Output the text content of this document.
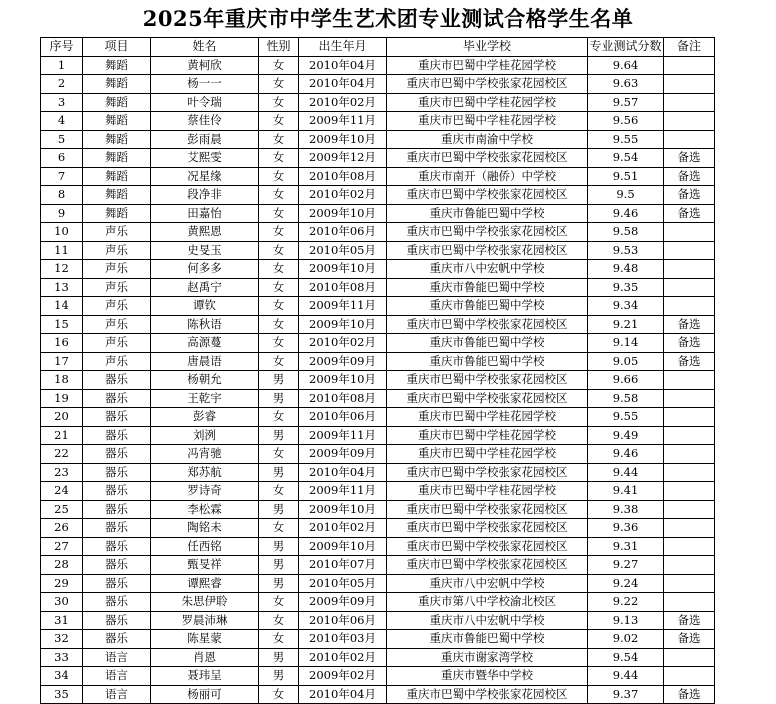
2025年重庆市中学生艺术团专业测试合格学生名单
序号	项目	姓名	性别	出生年月	毕业学校	专业测试分数	备注
1	舞蹈	黄柯欣	女	2010年04月	重庆市巴蜀中学桂花园学校	9.64	
2	舞蹈	杨一一	女	2010年04月	重庆市巴蜀中学校张家花园校区	9.63	
3	舞蹈	叶令瑞	女	2010年02月	重庆市巴蜀中学桂花园学校	9.57	
4	舞蹈	蔡佳伶	女	2009年11月	重庆市巴蜀中学桂花园学校	9.56	
5	舞蹈	彭雨晨	女	2009年10月	重庆市南渝中学校	9.55	
6	舞蹈	艾熙雯	女	2009年12月	重庆市巴蜀中学校张家花园校区	9.54	备选
7	舞蹈	况星缘	女	2010年08月	重庆市南开（融侨）中学校	9.51	备选
8	舞蹈	段净非	女	2010年02月	重庆市巴蜀中学校张家花园校区	9.5	备选
9	舞蹈	田嘉怡	女	2009年10月	重庆市鲁能巴蜀中学校	9.46	备选
10	声乐	黄熙恩	女	2010年06月	重庆市巴蜀中学校张家花园校区	9.58	
11	声乐	史旻玉	女	2010年05月	重庆市巴蜀中学校张家花园校区	9.53	
12	声乐	何多多	女	2009年10月	重庆市八中宏帆中学校	9.48	
13	声乐	赵禹宁	女	2010年08月	重庆市鲁能巴蜀中学校	9.35	
14	声乐	谭钦	女	2009年11月	重庆市鲁能巴蜀中学校	9.34	
15	声乐	陈秋语	女	2009年10月	重庆市巴蜀中学校张家花园校区	9.21	备选
16	声乐	高源蔓	女	2010年02月	重庆市鲁能巴蜀中学校	9.14	备选
17	声乐	唐晨语	女	2009年09月	重庆市鲁能巴蜀中学校	9.05	备选
18	器乐	杨朝允	男	2009年10月	重庆市巴蜀中学校张家花园校区	9.66	
19	器乐	王乾宇	男	2010年08月	重庆市巴蜀中学校张家花园校区	9.58	
20	器乐	彭睿	女	2010年06月	重庆市巴蜀中学桂花园学校	9.55	
21	器乐	刘洌	男	2009年11月	重庆市巴蜀中学桂花园学校	9.49	
22	器乐	冯宵驰	女	2009年09月	重庆市巴蜀中学桂花园学校	9.46	
23	器乐	郑苏航	男	2010年04月	重庆市巴蜀中学校张家花园校区	9.44	
24	器乐	罗诗奇	女	2009年11月	重庆市巴蜀中学桂花园学校	9.41	
25	器乐	李松霖	男	2009年10月	重庆市巴蜀中学校张家花园校区	9.38	
26	器乐	陶铭未	女	2010年02月	重庆市巴蜀中学校张家花园校区	9.36	
27	器乐	任西铭	男	2009年10月	重庆市巴蜀中学校张家花园校区	9.31	
28	器乐	甄旻祥	男	2010年07月	重庆市巴蜀中学校张家花园校区	9.27	
29	器乐	谭熙睿	男	2010年05月	重庆市八中宏帆中学校	9.24	
30	器乐	朱思伊聆	女	2009年09月	重庆市第八中学校渝北校区	9.22	
31	器乐	罗晨沛琳	女	2010年06月	重庆市八中宏帆中学校	9.13	备选
32	器乐	陈星蒙	女	2010年03月	重庆市鲁能巴蜀中学校	9.02	备选
33	语言	肖恩	男	2010年02月	重庆市谢家湾学校	9.54	
34	语言	聂玮呈	男	2009年02月	重庆市暨华中学校	9.44	
35	语言	杨丽可	女	2010年04月	重庆市巴蜀中学校张家花园校区	9.37	备选
